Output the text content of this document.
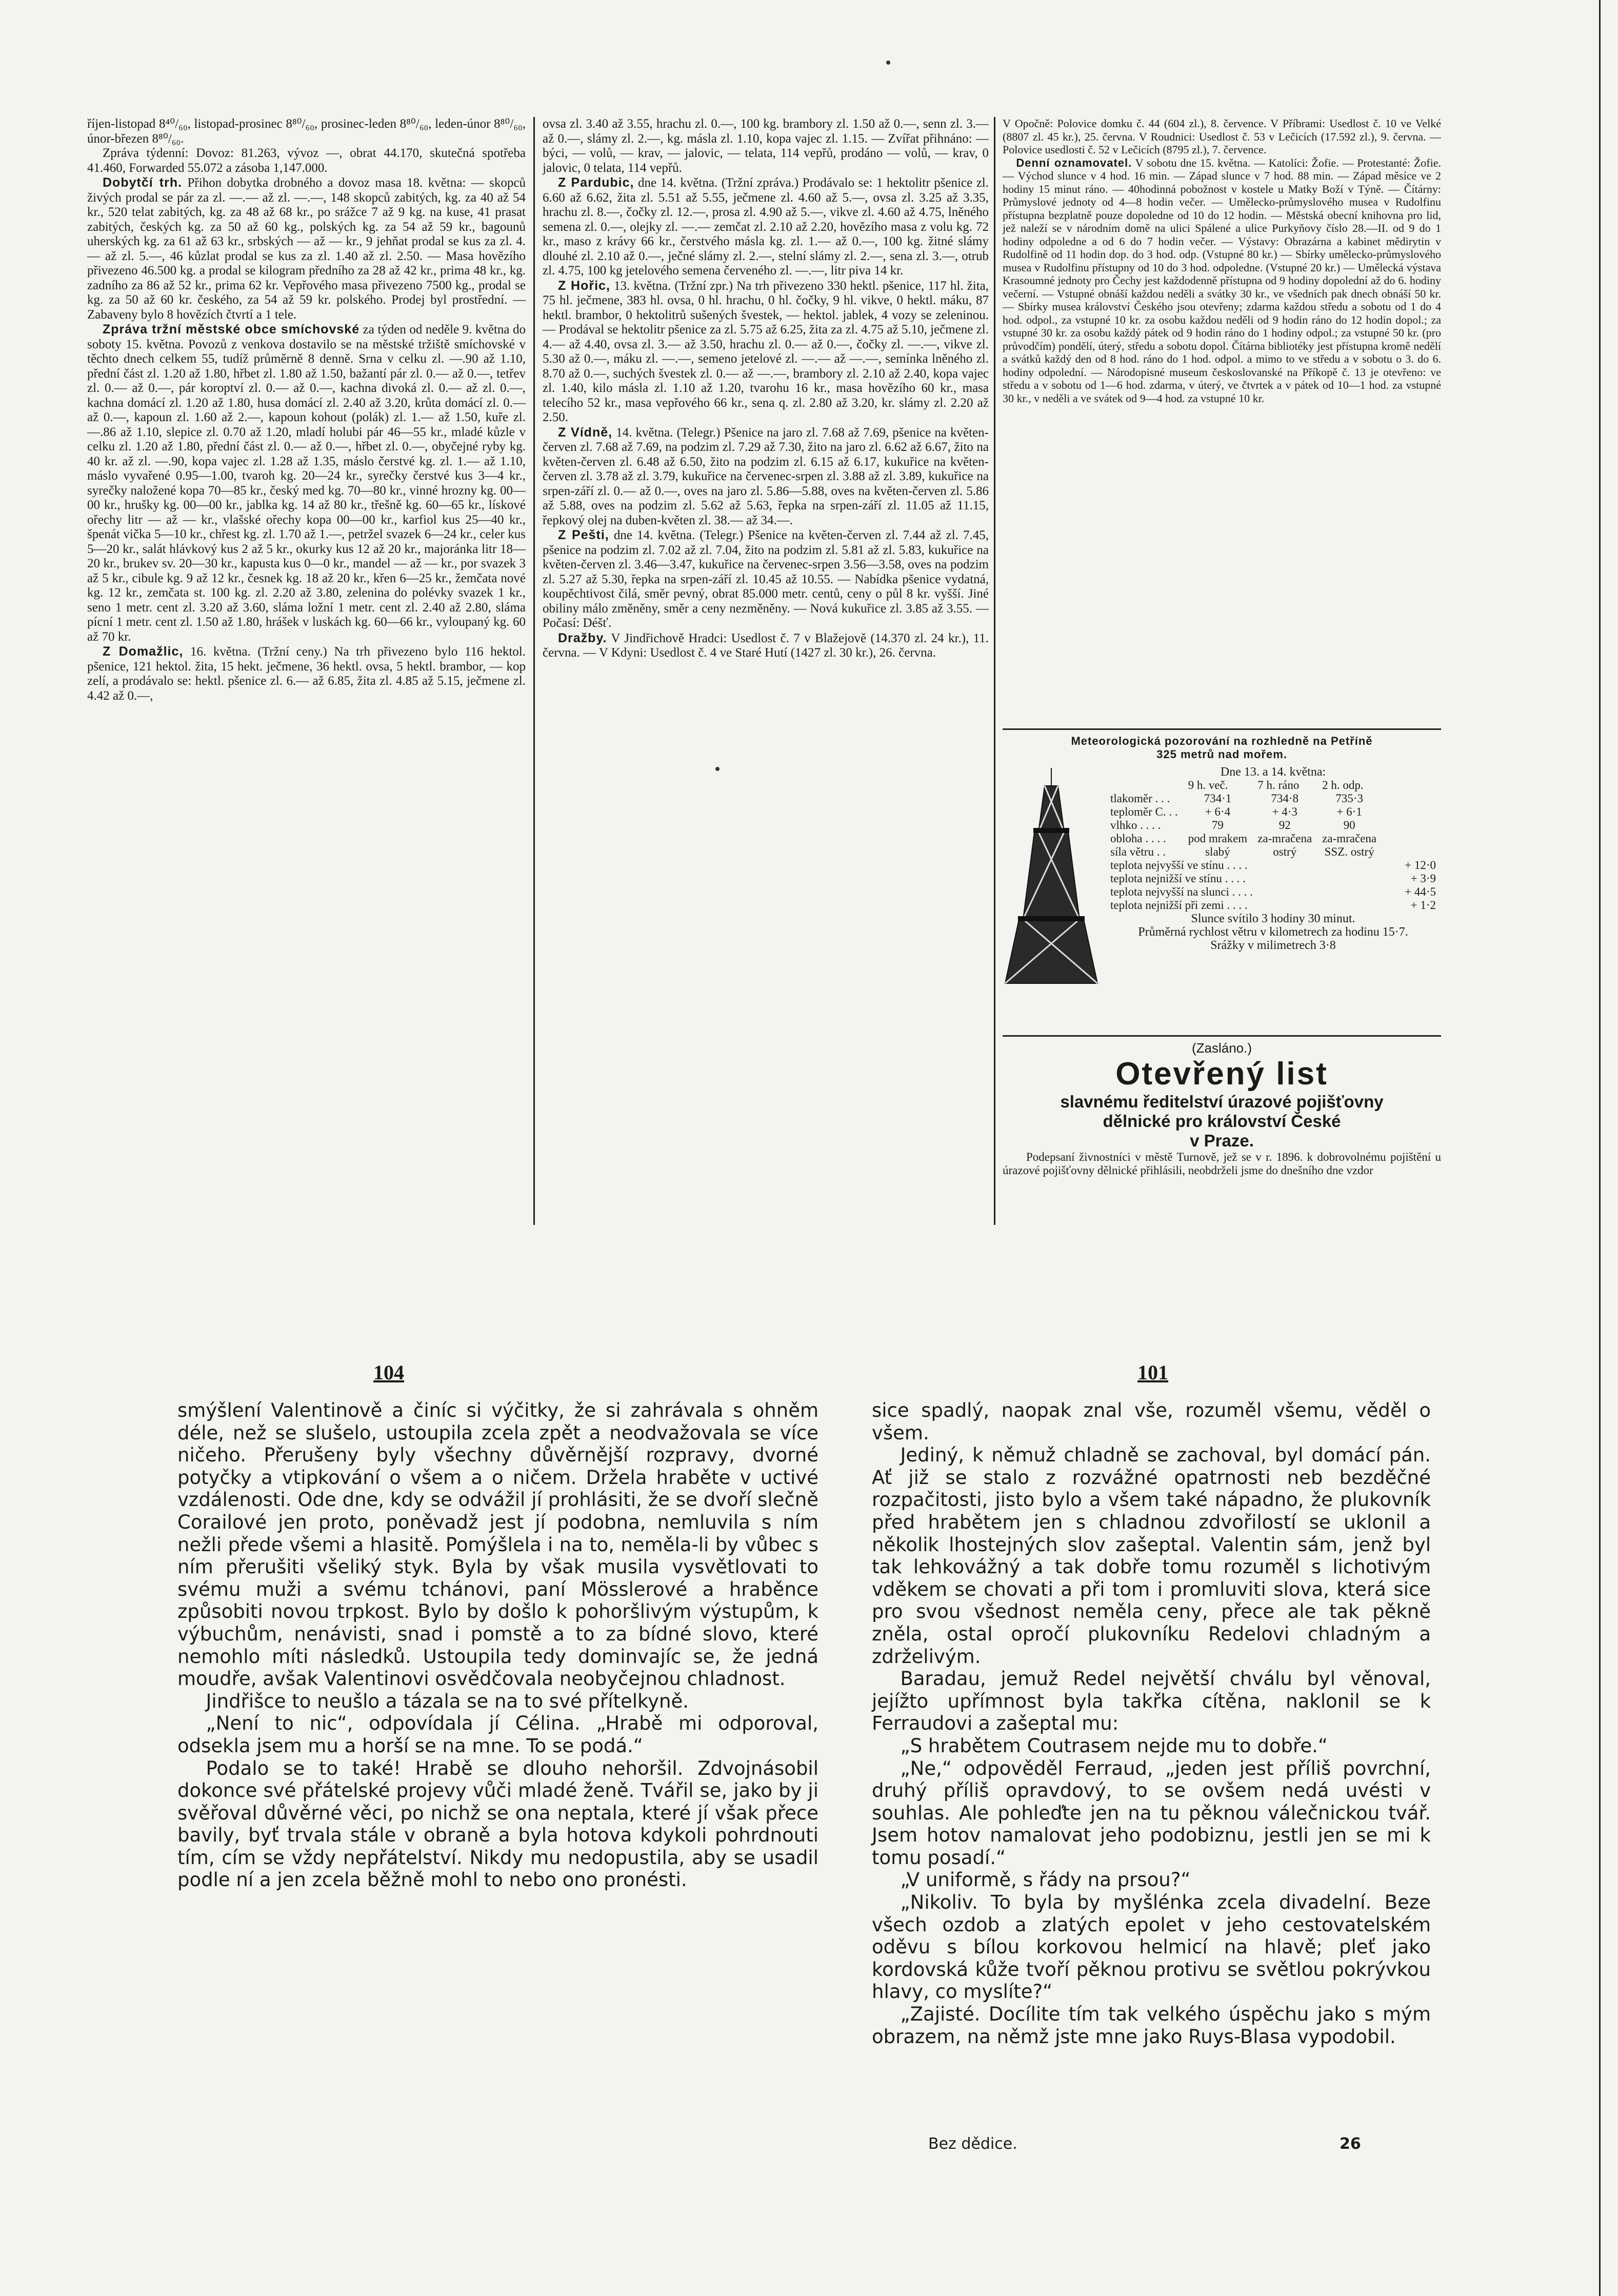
říjen-listopad 8⁴⁰/₆₀, listopad-prosinec 8⁸⁰/₆₀, prosinec-leden 8⁸⁰/₆₀, leden-únor 8⁸⁰/₆₀, únor-březen 8⁸⁰/₆₀.

Zpráva týdenní: Dovoz: 81.263, vývoz —, obrat 44.170, skutečná spotřeba 41.460, Forwarded 55.072 a zásoba 1,147.000.

Dobytčí trh. Přihon dobytka drobného a dovoz masa 18. května: — skopců živých prodal se pár za zl. —.— až zl. —.—, 148 skopců zabitých, kg. za 40 až 54 kr., 520 telat zabitých, kg. za 48 až 68 kr., po srážce 7 až 9 kg. na kuse, 41 prasat zabitých, českých kg. za 50 až 60 kg., polských kg. za 54 až 59 kr., bagounů uherských kg. za 61 až 63 kr., srbských — až — kr., 9 jehňat prodal se kus za zl. 4.— až zl. 5.—, 46 kůzlat prodal se kus za zl. 1.40 až zl. 2.50. — Masa hovězího přivezeno 46.500 kg. a prodal se kilogram předního za 28 až 42 kr., prima 48 kr., kg. zadního za 86 až 52 kr., prima 62 kr. Vepřového masa přivezeno 7500 kg., prodal se kg. za 50 až 60 kr. českého, za 54 až 59 kr. polského. Prodej byl prostřední. — Zabaveny bylo 8 hovězích čtvrtí a 1 tele.

Zpráva tržní městské obce smíchovské za týden od neděle 9. května do soboty 15. května. Povozů z venkova dostavilo se na městské tržiště smíchovské v těchto dnech celkem 55, tudíž průměrně 8 denně. Srna v celku zl. —.90 až 1.10, přední část zl. 1.20 až 1.80, hřbet zl. 1.80 až 1.50, bažantí pár zl. 0.— až 0.—, tetřev zl. 0.— až 0.—, pár koroptví zl. 0.— až 0.—, kachna divoká zl. 0.— až zl. 0.—, kachna domácí zl. 1.20 až 1.80, husa domácí zl. 2.40 až 3.20, krůta domácí zl. 0.— až 0.—, kapoun zl. 1.60 až 2.—, kapoun kohout (polák) zl. 1.— až 1.50, kuře zl. —.86 až 1.10, slepice zl. 0.70 až 1.20, mladí holubi pár 46—55 kr., mladé kůzle v celku zl. 1.20 až 1.80, přední část zl. 0.— až 0.—, hřbet zl. 0.—, obyčejné ryby kg. 40 kr. až zl. —.90, kopa vajec zl. 1.28 až 1.35, máslo čerstvé kg. zl. 1.— až 1.10, máslo vyvařené 0.95—1.00, tvaroh kg. 20—24 kr., syrečky čerstvé kus 3—4 kr., syrečky naložené kopa 70—85 kr., český med kg. 70—80 kr., vinné hrozny kg. 00—00 kr., hrušky kg. 00—00 kr., jablka kg. 14 až 80 kr., třešně kg. 60—65 kr., lískové ořechy litr — až — kr., vlašské ořechy kopa 00—00 kr., karfiol kus 25—40 kr., špenát vička 5—10 kr., chřest kg. zl. 1.70 až 1.—, petržel svazek 6—24 kr., celer kus 5—20 kr., salát hlávkový kus 2 až 5 kr., okurky kus 12 až 20 kr., majoránka litr 18—20 kr., brukev sv. 20—30 kr., kapusta kus 0—0 kr., mandel — až — kr., por svazek 3 až 5 kr., cibule kg. 9 až 12 kr., česnek kg. 18 až 20 kr., křen 6—25 kr., žemčata nové kg. 12 kr., zemčata st. 100 kg. zl. 2.20 až 3.80, zelenina do polévky svazek 1 kr., seno 1 metr. cent zl. 3.20 až 3.60, sláma ložní 1 metr. cent zl. 2.40 až 2.80, sláma pícní 1 metr. cent zl. 1.50 až 1.80, hrášek v luskách kg. 60—66 kr., vyloupaný kg. 60 až 70 kr.

Z Domažlic, 16. května. (Tržní ceny.) Na trh přivezeno bylo 116 hektol. pšenice, 121 hektol. žita, 15 hekt. ječmene, 36 hektl. ovsa, 5 hektl. brambor, — kop zelí, a prodávalo se: hektl. pšenice zl. 6.— až 6.85, žita zl. 4.85 až 5.15, ječmene zl. 4.42 až 0.—,

ovsa zl. 3.40 až 3.55, hrachu zl. 0.—, 100 kg. brambory zl. 1.50 až 0.—, senn zl. 3.— až 0.—, slámy zl. 2.—, kg. másla zl. 1.10, kopa vajec zl. 1.15. — Zvířat přihnáno: — býci, — volů, — krav, — jalovic, — telata, 114 vepřů, prodáno — volů, — krav, 0 jalovic, 0 telata, 114 vepřů.

Z Pardubic, dne 14. května. (Tržní zpráva.) Prodávalo se: 1 hektolitr pšenice zl. 6.60 až 6.62, žita zl. 5.51 až 5.55, ječmene zl. 4.60 až 5.—, ovsa zl. 3.25 až 3.35, hrachu zl. 8.—, čočky zl. 12.—, prosa zl. 4.90 až 5.—, vikve zl. 4.60 až 4.75, lněného semena zl. 0.—, olejky zl. —.— zemčat zl. 2.10 až 2.20, hovězího masa z volu kg. 72 kr., maso z krávy 66 kr., čerstvého másla kg. zl. 1.— až 0.—, 100 kg. žitné slámy dlouhé zl. 2.10 až 0.—, ječné slámy zl. 2.—, stelní slámy zl. 2.—, sena zl. 3.—, otrub zl. 4.75, 100 kg jetelového semena červeného zl. —.—, litr piva 14 kr.

Z Hořic, 13. května. (Tržní zpr.) Na trh přivezeno 330 hektl. pšenice, 117 hl. žita, 75 hl. ječmene, 383 hl. ovsa, 0 hl. hrachu, 0 hl. čočky, 9 hl. vikve, 0 hektl. máku, 87 hektl. brambor, 0 hektolitrů sušených švestek, — hektol. jablek, 4 vozy se zeleninou. — Prodával se hektolitr pšenice za zl. 5.75 až 6.25, žita za zl. 4.75 až 5.10, ječmene zl. 4.— až 4.40, ovsa zl. 3.— až 3.50, hrachu zl. 0.— až 0.—, čočky zl. —.—, vikve zl. 5.30 až 0.—, máku zl. —.—, semeno jetelové zl. —.— až —.—, semínka lněného zl. 8.70 až 0.—, suchých švestek zl. 0.— až —.—, brambory zl. 2.10 až 2.40, kopa vajec zl. 1.40, kilo másla zl. 1.10 až 1.20, tvarohu 16 kr., masa hovězího 60 kr., masa telecího 52 kr., masa vepřového 66 kr., sena q. zl. 2.80 až 3.20, kr. slámy zl. 2.20 až 2.50.

Z Vídně, 14. května. (Telegr.) Pšenice na jaro zl. 7.68 až 7.69, pšenice na květen-červen zl. 7.68 až 7.69, na podzim zl. 7.29 až 7.30, žito na jaro zl. 6.62 až 6.67, žito na květen-červen zl. 6.48 až 6.50, žito na podzim zl. 6.15 až 6.17, kukuřice na květen-červen zl. 3.78 až zl. 3.79, kukuřice na červenec-srpen zl. 3.88 až zl. 3.89, kukuřice na srpen-září zl. 0.— až 0.—, oves na jaro zl. 5.86—5.88, oves na květen-červen zl. 5.86 až 5.88, oves na podzim zl. 5.62 až 5.63, řepka na srpen-září zl. 11.05 až 11.15, řepkový olej na duben-květen zl. 38.— až 34.—.

Z Pešti, dne 14. května. (Telegr.) Pšenice na květen-červen zl. 7.44 až zl. 7.45, pšenice na podzim zl. 7.02 až zl. 7.04, žito na podzim zl. 5.81 až zl. 5.83, kukuřice na květen-červen zl. 3.46—3.47, kukuřice na červenec-srpen 3.56—3.58, oves na podzim zl. 5.27 až 5.30, řepka na srpen-září zl. 10.45 až 10.55. — Nabídka pšenice vydatná, koupěchtivost čilá, směr pevný, obrat 85.000 metr. centů, ceny o půl 8 kr. vyšší. Jiné obiliny málo změněny, směr a ceny nezměněny. — Nová kukuřice zl. 3.85 až 3.55. — Počasí: Déšť.

Dražby. V Jindřichově Hradci: Usedlost č. 7 v Blažejově (14.370 zl. 24 kr.), 11. června. — V Kdyni: Usedlost č. 4 ve Staré Hutí (1427 zl. 30 kr.), 26. června.

V Opočně: Polovice domku č. 44 (604 zl.), 8. července. V Příbrami: Usedlost č. 10 ve Velké (8807 zl. 45 kr.), 25. června. V Roudnici: Usedlost č. 53 v Lečicích (17.592 zl.), 9. června. — Polovice usedlosti č. 52 v Lečicích (8795 zl.), 7. července.

Denní oznamovatel. V sobotu dne 15. května. — Katolíci: Žofie. — Protestanté: Žofie. — Východ slunce v 4 hod. 16 min. — Západ slunce v 7 hod. 88 min. — Západ měsíce ve 2 hodiny 15 minut ráno. — 40hodinná pobožnost v kostele u Matky Boží v Týně. — Čítárny: Průmyslové jednoty od 4—8 hodin večer. — Umělecko-průmyslového musea v Rudolfinu přístupna bezplatně pouze dopoledne od 10 do 12 hodin. — Městská obecní knihovna pro lid, jež naleží se v národním domě na ulici Spálené a ulice Purkyňovy číslo 28.—II. od 9 do 1 hodiny odpoledne a od 6 do 7 hodin večer. — Výstavy: Obrazárna a kabinet mědirytin v Rudolfině od 11 hodin dop. do 3 hod. odp. (Vstupné 80 kr.) — Sbírky umělecko-průmyslového musea v Rudolfinu přístupny od 10 do 3 hod. odpoledne. (Vstupné 20 kr.) — Umělecká výstava Krasoumné jednoty pro Čechy jest každodenně přístupna od 9 hodiny dopolední až do 6. hodiny večerní. — Vstupné obnáší každou neděli a svátky 30 kr., ve všedních pak dnech obnáší 50 kr. — Sbírky musea království Českého jsou otevřeny; zdarma každou středu a sobotu od 1 do 4 hod. odpol., za vstupné 10 kr. za osobu každou neděli od 9 hodin ráno do 12 hodin dopol.; za vstupné 30 kr. za osobu každý pátek od 9 hodin ráno do 1 hodiny odpol.; za vstupné 50 kr. (pro průvodčím) pondělí, úterý, středu a sobotu dopol. Čítárna bibliotéky jest přístupna kromě nedělí a svátků každý den od 8 hod. ráno do 1 hod. odpol. a mimo to ve středu a v sobotu o 3. do 6. hodiny odpolední. — Národopisné museum českoslovanské na Příkopě č. 13 je otevřeno: ve středu a v sobotu od 1—6 hod. zdarma, v úterý, ve čtvrtek a v pátek od 10—1 hod. za vstupné 30 kr., v neděli a ve svátek od 9—4 hod. za vstupné 10 kr.

Meteorologická pozorování na rozhledně na Petříně
325 metrů nad mořem.
Dne 13. a 14. května:
	9 h. več.	7 h. ráno	2 h. odp.
tlakoměr . . .	734·1	734·8	735·3
teploměr C. . .	+ 6·4	+ 4·3	+ 6·1
vlhko . . . .	79	92	90
obloha . . . .	pod mrakem	za-mračena	za-mračena
síla větru . .	slabý	ostrý	SSZ. ostrý
teplota nejvyšší ve stínu . . . .	+ 12·0
teplota nejnižší ve stínu . . . .	+ 3·9
teplota nejvyšší na slunci . . . .	+ 44·5
teplota nejnižší při zemi . . . .	+ 1·2
Slunce svítilo 3 hodiny 30 minut.
Průměrná rychlost větru v kilometrech za hodinu 15·7.
Srážky v milimetrech 3·8
(Zasláno.)
Otevřený list
slavnému ředitelství úrazové pojišťovny
dělnické pro království České
v Praze.
Podepsaní živnostníci v městě Turnově, jež se v r. 1896. k dobrovolnému pojištění u úrazové pojišťovny dělnické přihlásili, neobdrželi jsme do dnešního dne vzdor
104	101

smýšlení Valentinově a činíc si výčitky, že si zahrávala s ohněm déle, než se slušelo, ustoupila zcela zpět a neodvažovala se více ničeho. Přerušeny byly všechny důvěrnější rozpravy, dvorné potyčky a vtipkování o všem a o ničem. Držela hraběte v uctivé vzdálenosti. Ode dne, kdy se odvážil jí prohlásiti, že se dvoří slečně Corailové jen proto, poněvadž jest jí podobna, nemluvila s ním nežli přede všemi a hlasitě. Pomýšlela i na to, neměla-li by vůbec s ním přerušiti všeliký styk. Byla by však musila vysvětlovati to svému muži a svému tchánovi, paní Mösslerové a hraběnce způsobiti novou trpkost. Bylo by došlo k pohoršlivým výstupům, k výbuchům, nenávisti, snad i pomstě a to za bídné slovo, které nemohlo míti následků. Ustoupila tedy dominvajíc se, že jedná moudře, avšak Valentinovi osvědčovala neobyčejnou chladnost.

Jindřišce to neušlo a tázala se na to své přítelkyně.

„Není to nic“, odpovídala jí Célina. „Hrabě mi odporoval, odsekla jsem mu a horší se na mne. To se podá.“

Podalo se to také! Hrabě se dlouho nehoršil. Zdvojnásobil dokonce své přátelské projevy vůči mladé ženě. Tvářil se, jako by ji svěřoval důvěrné věci, po nichž se ona neptala, které jí však přece bavily, byť trvala stále v obraně a byla hotova kdykoli pohrdnouti tím, cím se vždy nepřátelství. Nikdy mu nedopustila, aby se usadil podle ní a jen zcela běžně mohl to nebo ono pronésti.

sice spadlý, naopak znal vše, rozuměl všemu, věděl o všem.

Jediný, k němuž chladně se zachoval, byl domácí pán. Ať již se stalo z rozvážné opatrnosti neb bezděčné rozpačitosti, jisto bylo a všem také nápadno, že plukovník před hrabětem jen s chladnou zdvořilostí se uklonil a několik lhostejných slov zašeptal. Valentin sám, jenž byl tak lehkovážný a tak dobře tomu rozuměl s lichotivým vděkem se chovati a při tom i promluviti slova, která sice pro svou všednost neměla ceny, přece ale tak pěkně zněla, ostal opročí plukovníku Redelovi chladným a zdrželivým.

Baradau, jemuž Redel největší chválu byl věnoval, jejížto upřímnost byla takřka cítěna, naklonil se k Ferraudovi a zašeptal mu:

„S hrabětem Coutrasem nejde mu to dobře.“

„Ne,“ odpověděl Ferraud, „jeden jest příliš povrchní, druhý příliš opravdový, to se ovšem nedá uvésti v souhlas. Ale pohleďte jen na tu pěknou válečnickou tvář. Jsem hotov namalovat jeho podobiznu, jestli jen se mi k tomu posadí.“

„V uniformě, s řády na prsou?“

„Nikoliv. To byla by myšlénka zcela divadelní. Beze všech ozdob a zlatých epolet v jeho cestovatelském oděvu s bílou korkovou helmicí na hlavě; pleť jako kordovská kůže tvoří pěknou protivu se světlou pokrývkou hlavy, co myslíte?“

„Zajisté. Docílite tím tak velkého úspěchu jako s mým obrazem, na němž jste mne jako Ruys-Blasa vypodobil.

Bez dědice.	26
